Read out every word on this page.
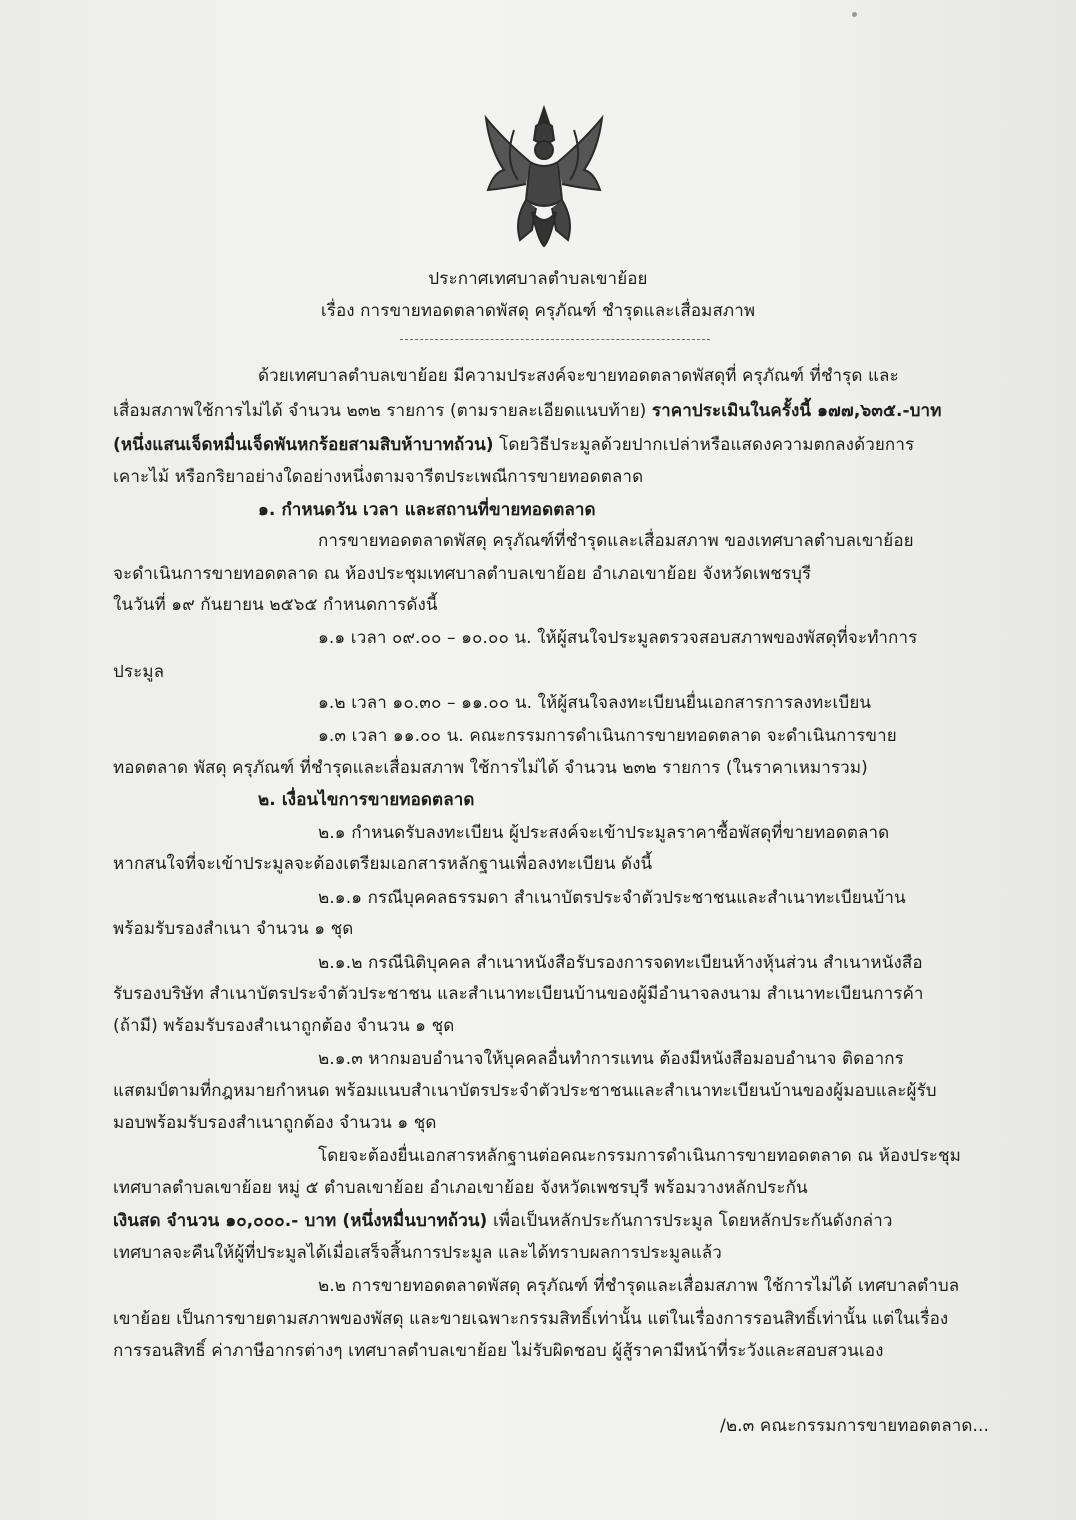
ประกาศเทศบาลตำบลเขาย้อย
เรื่อง การขายทอดตลาดพัสดุ ครุภัณฑ์ ชำรุดและเสื่อมสภาพ
ด้วยเทศบาลตำบลเขาย้อย มีความประสงค์จะขายทอดตลาดพัสดุที่ ครุภัณฑ์ ที่ชำรุด และ
เสื่อมสภาพใช้การไม่ได้ จำนวน ๒๓๒ รายการ (ตามรายละเอียดแนบท้าย) ราคาประเมินในครั้งนี้ ๑๗๗,๖๓๕.-บาท
(หนึ่งแสนเจ็ดหมื่นเจ็ดพันหกร้อยสามสิบห้าบาทถ้วน) โดยวิธีประมูลด้วยปากเปล่าหรือแสดงความตกลงด้วยการ
เคาะไม้ หรือกริยาอย่างใดอย่างหนึ่งตามจารีตประเพณีการขายทอดตลาด
๑. กำหนดวัน เวลา และสถานที่ขายทอดตลาด
การขายทอดตลาดพัสดุ ครุภัณฑ์ที่ชำรุดและเสื่อมสภาพ ของเทศบาลตำบลเขาย้อย
จะดำเนินการขายทอดตลาด ณ ห้องประชุมเทศบาลตำบลเขาย้อย อำเภอเขาย้อย จังหวัดเพชรบุรี
ในวันที่ ๑๙ กันยายน ๒๕๖๕ กำหนดการดังนี้
๑.๑ เวลา ๐๙.๐๐ – ๑๐.๐๐ น. ให้ผู้สนใจประมูลตรวจสอบสภาพของพัสดุที่จะทำการ
ประมูล
๑.๒ เวลา ๑๐.๓๐ – ๑๑.๐๐ น. ให้ผู้สนใจลงทะเบียนยื่นเอกสารการลงทะเบียน
๑.๓ เวลา ๑๑.๐๐ น. คณะกรรมการดำเนินการขายทอดตลาด จะดำเนินการขาย
ทอดตลาด พัสดุ ครุภัณฑ์ ที่ชำรุดและเสื่อมสภาพ ใช้การไม่ได้ จำนวน ๒๓๒ รายการ (ในราคาเหมารวม)
๒. เงื่อนไขการขายทอดตลาด
๒.๑ กำหนดรับลงทะเบียน ผู้ประสงค์จะเข้าประมูลราคาซื้อพัสดุที่ขายทอดตลาด
หากสนใจที่จะเข้าประมูลจะต้องเตรียมเอกสารหลักฐานเพื่อลงทะเบียน ดังนี้
๒.๑.๑ กรณีบุคคลธรรมดา สำเนาบัตรประจำตัวประชาชนและสำเนาทะเบียนบ้าน
พร้อมรับรองสำเนา จำนวน ๑ ชุด
๒.๑.๒ กรณีนิติบุคคล สำเนาหนังสือรับรองการจดทะเบียนห้างหุ้นส่วน สำเนาหนังสือ
รับรองบริษัท สำเนาบัตรประจำตัวประชาชน และสำเนาทะเบียนบ้านของผู้มีอำนาจลงนาม สำเนาทะเบียนการค้า
(ถ้ามี) พร้อมรับรองสำเนาถูกต้อง จำนวน ๑ ชุด
๒.๑.๓ หากมอบอำนาจให้บุคคลอื่นทำการแทน ต้องมีหนังสือมอบอำนาจ ติดอากร
แสตมป์ตามที่กฎหมายกำหนด พร้อมแนบสำเนาบัตรประจำตัวประชาชนและสำเนาทะเบียนบ้านของผู้มอบและผู้รับ
มอบพร้อมรับรองสำเนาถูกต้อง จำนวน ๑ ชุด
โดยจะต้องยื่นเอกสารหลักฐานต่อคณะกรรมการดำเนินการขายทอดตลาด ณ ห้องประชุม
เทศบาลตำบลเขาย้อย หมู่ ๕ ตำบลเขาย้อย อำเภอเขาย้อย จังหวัดเพชรบุรี พร้อมวางหลักประกัน
เงินสด จำนวน ๑๐,๐๐๐.- บาท (หนึ่งหมื่นบาทถ้วน) เพื่อเป็นหลักประกันการประมูล โดยหลักประกันดังกล่าว
เทศบาลจะคืนให้ผู้ที่ประมูลได้เมื่อเสร็จสิ้นการประมูล และได้ทราบผลการประมูลแล้ว
๒.๒ การขายทอดตลาดพัสดุ ครุภัณฑ์ ที่ชำรุดและเสื่อมสภาพ ใช้การไม่ได้ เทศบาลตำบล
เขาย้อย เป็นการขายตามสภาพของพัสดุ และขายเฉพาะกรรมสิทธิ์เท่านั้น แต่ในเรื่องการรอนสิทธิ์เท่านั้น แต่ในเรื่อง
การรอนสิทธิ์ ค่าภาษีอากรต่างๆ เทศบาลตำบลเขาย้อย ไม่รับผิดชอบ ผู้สู้ราคามีหน้าที่ระวังและสอบสวนเอง
/๒.๓ คณะกรรมการขายทอดตลาด...
